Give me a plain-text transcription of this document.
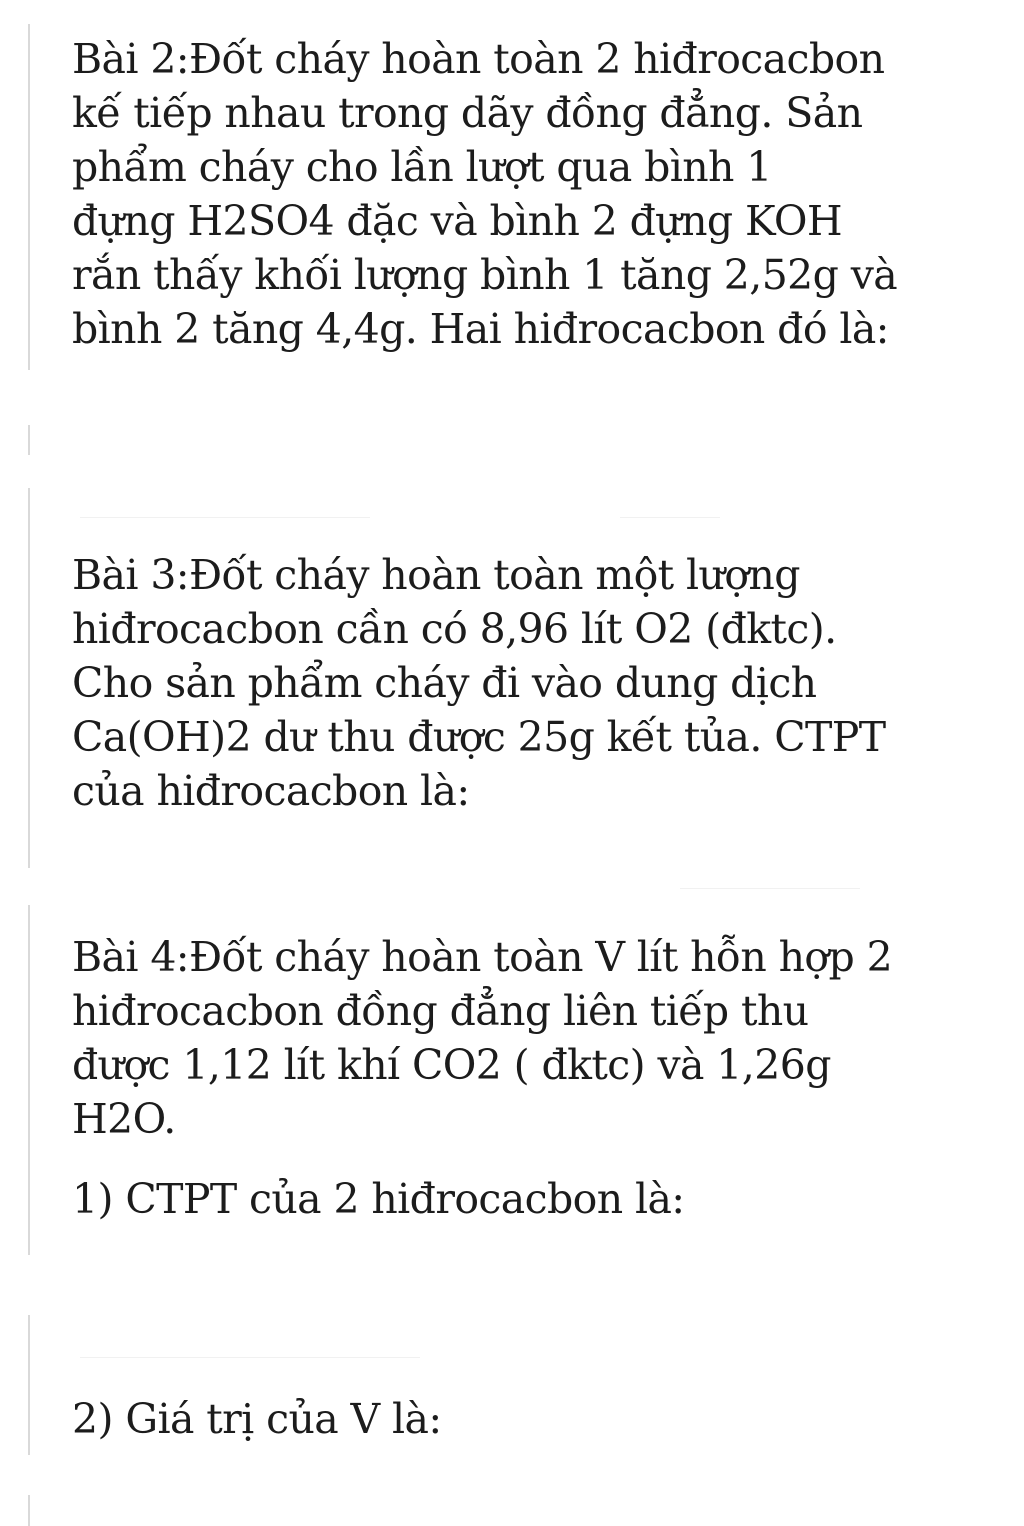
Bài 2:Đốt cháy hoàn toàn 2 hiđrocacbon
kế tiếp nhau trong dãy đồng đẳng. Sản
phẩm cháy cho lần lượt qua bình 1
đựng H2SO4 đặc và bình 2 đựng KOH
rắn thấy khối lượng bình 1 tăng 2,52g và
bình 2 tăng 4,4g. Hai hiđrocacbon đó là:

Bài 3:Đốt cháy hoàn toàn một lượng
hiđrocacbon cần có 8,96 lít O2 (đktc).
Cho sản phẩm cháy đi vào dung dịch
Ca(OH)2 dư thu được 25g kết tủa. CTPT
của hiđrocacbon là:

Bài 4:Đốt cháy hoàn toàn V lít hỗn hợp 2
hiđrocacbon đồng đẳng liên tiếp thu
được 1,12 lít khí CO2 ( đktc) và 1,26g
H2O.

1) CTPT của 2 hiđrocacbon là:

2) Giá trị của V là:
